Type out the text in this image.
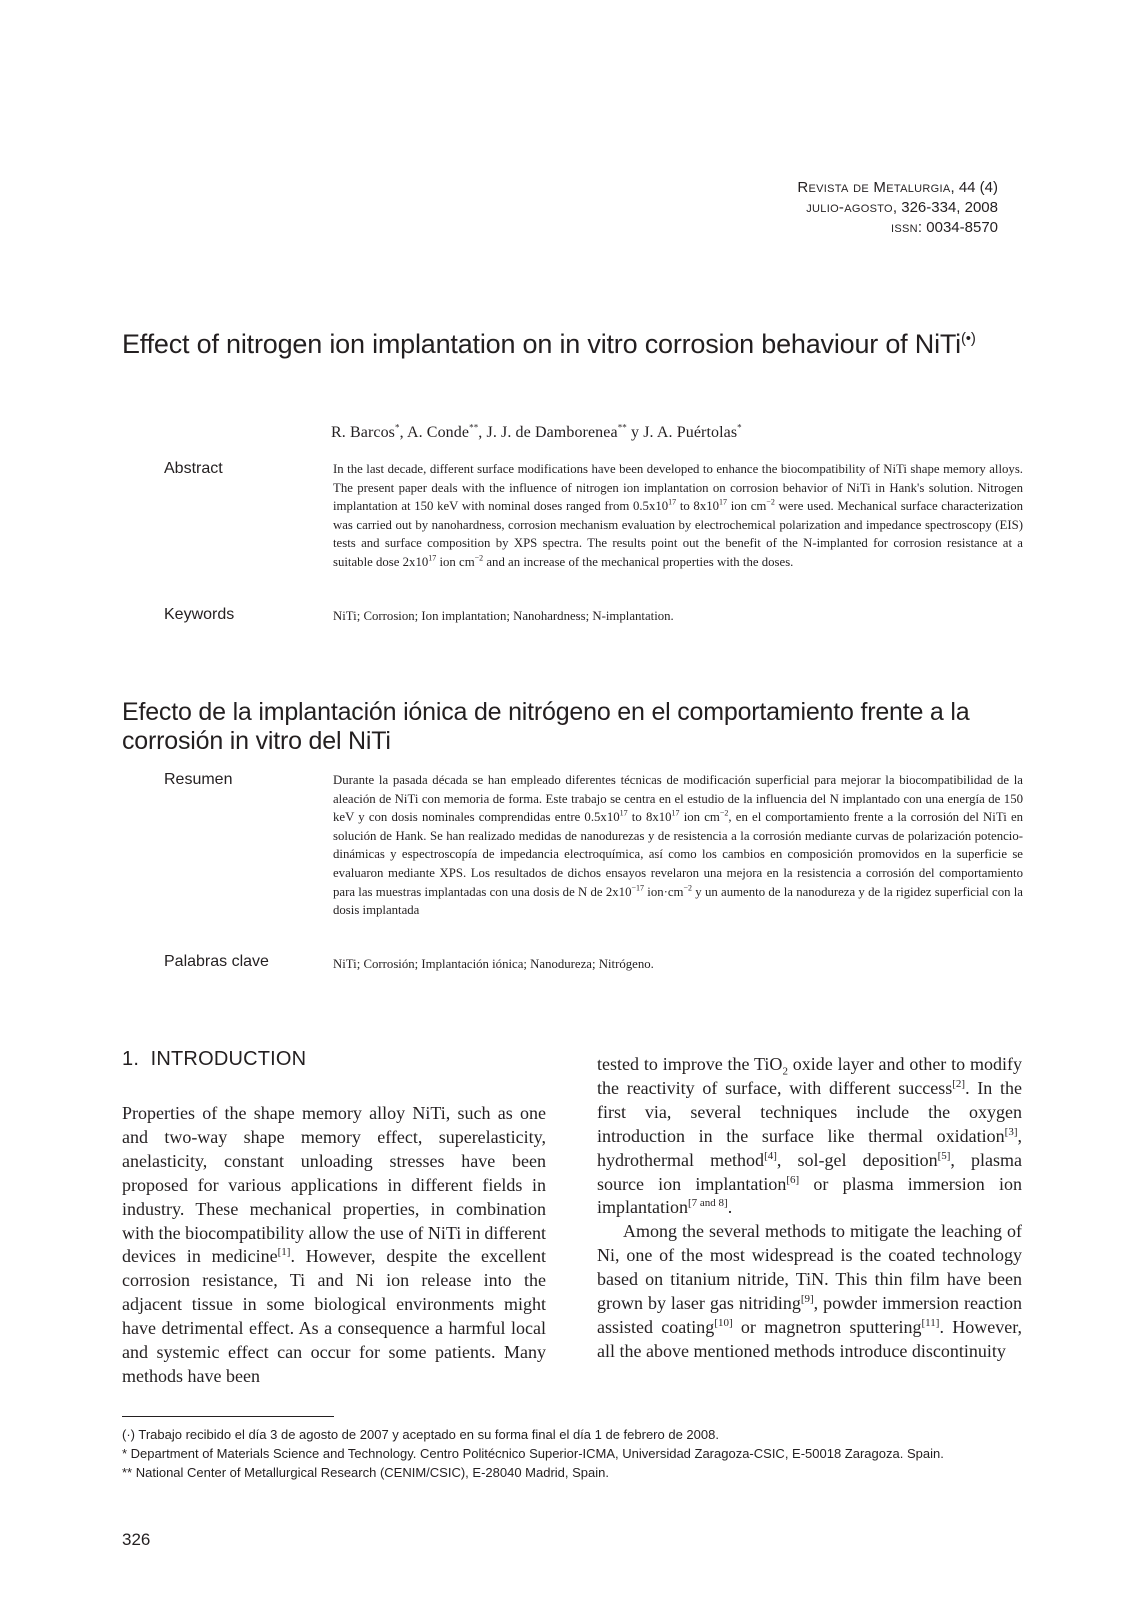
Revista de Metalurgia, 44 (4)
julio-agosto, 326-334, 2008
issn: 0034-8570
Effect of nitrogen ion implantation on in vitro corrosion behaviour of NiTi(•)
R. Barcos*, A. Conde**, J. J. de Damborenea** y J. A. Puértolas*
Abstract	In the last decade, different surface modifications have been developed to enhance the biocompatibility of NiTi shape memory alloys. The present paper deals with the influence of nitrogen ion implantation on corrosion behavior of NiTi in Hank's solution. Nitrogen implantation at 150 keV with nominal doses ranged from $0.5x10^{17}$ to $8x10^{17}$ ion $cm^{-2}$ were used. Mechanical surface characterization was carried out by nanohardness, corrosion mechanism evaluation by electrochemical polarization and impedance spectroscopy (EIS) tests and surface composition by XPS spectra. The results point out the benefit of the N-implanted for corrosion resistance at a suitable dose $2x10^{17}$ ion $cm^{-2}$ and an increase of the mechanical properties with the doses.
Keywords	NiTi; Corrosion; Ion implantation; Nanohardness; N-implantation.
Efecto de la implantación iónica de nitrógeno en el comportamiento frente a la corrosión in vitro del NiTi
Resumen	Durante la pasada década se han empleado diferentes técnicas de modificación superficial para mejorar la biocompatibilidad de la aleación de NiTi con memoria de forma. Este trabajo se centra en el estudio de la influencia del N implantado con una energía de 150 keV y con dosis nominales comprendidas entre $0.5x10^{17}$ to $8x10^{17}$ ion $cm^{-2}$, en el comportamiento frente a la corrosión del NiTi en solución de Hank. Se han realizado medidas de nanodurezas y de resistencia a la corrosión mediante curvas de polarización potencio-dinámicas y espectroscopía de impedancia electroquímica, así como los cambios en composición promovidos en la superficie se evaluaron mediante XPS. Los resultados de dichos ensayos revelaron una mejora en la resistencia a corrosión del comportamiento para las muestras implantadas con una dosis de N de $2x10^{-17}$ $ion\cdot cm^{-2}$ y un aumento de la nanodureza y de la rigidez superficial con la dosis implantada
Palabras clave	NiTi; Corrosión; Implantación iónica; Nanodureza; Nitrógeno.
1. INTRODUCTION

Properties of the shape memory alloy NiTi, such as one and two-way shape memory effect, superelasticity, anelasticity, constant unloading stresses have been proposed for various applications in different fields in industry. These mechanical properties, in combination with the biocompatibility allow the use of NiTi in different devices in medicine[1]. However, despite the excellent corrosion resistance, Ti and Ni ion release into the adjacent tissue in some biological environments might have detrimental effect. As a consequence a harmful local and systemic effect can occur for some patients. Many methods have been

tested to improve the TiO$_2$ oxide layer and other to modify the reactivity of surface, with different success[2]. In the first via, several techniques include the oxygen introduction in the surface like thermal oxidation[3], hydrothermal method[4], sol-gel deposition[5], plasma source ion implantation[6] or plasma immersion ion implantation[7 and 8].

Among the several methods to mitigate the leaching of Ni, one of the most widespread is the coated technology based on titanium nitride, TiN. This thin film have been grown by laser gas nitriding[9], powder immersion reaction assisted coating[10] or magnetron sputtering[11]. However, all the above mentioned methods introduce discontinuity

(·) Trabajo recibido el día 3 de agosto de 2007 y aceptado en su forma final el día 1 de febrero de 2008.
* Department of Materials Science and Technology. Centro Politécnico Superior-ICMA, Universidad Zaragoza-CSIC, E-50018 Zaragoza. Spain.
** National Center of Metallurgical Research (CENIM/CSIC), E-28040 Madrid, Spain.
326
